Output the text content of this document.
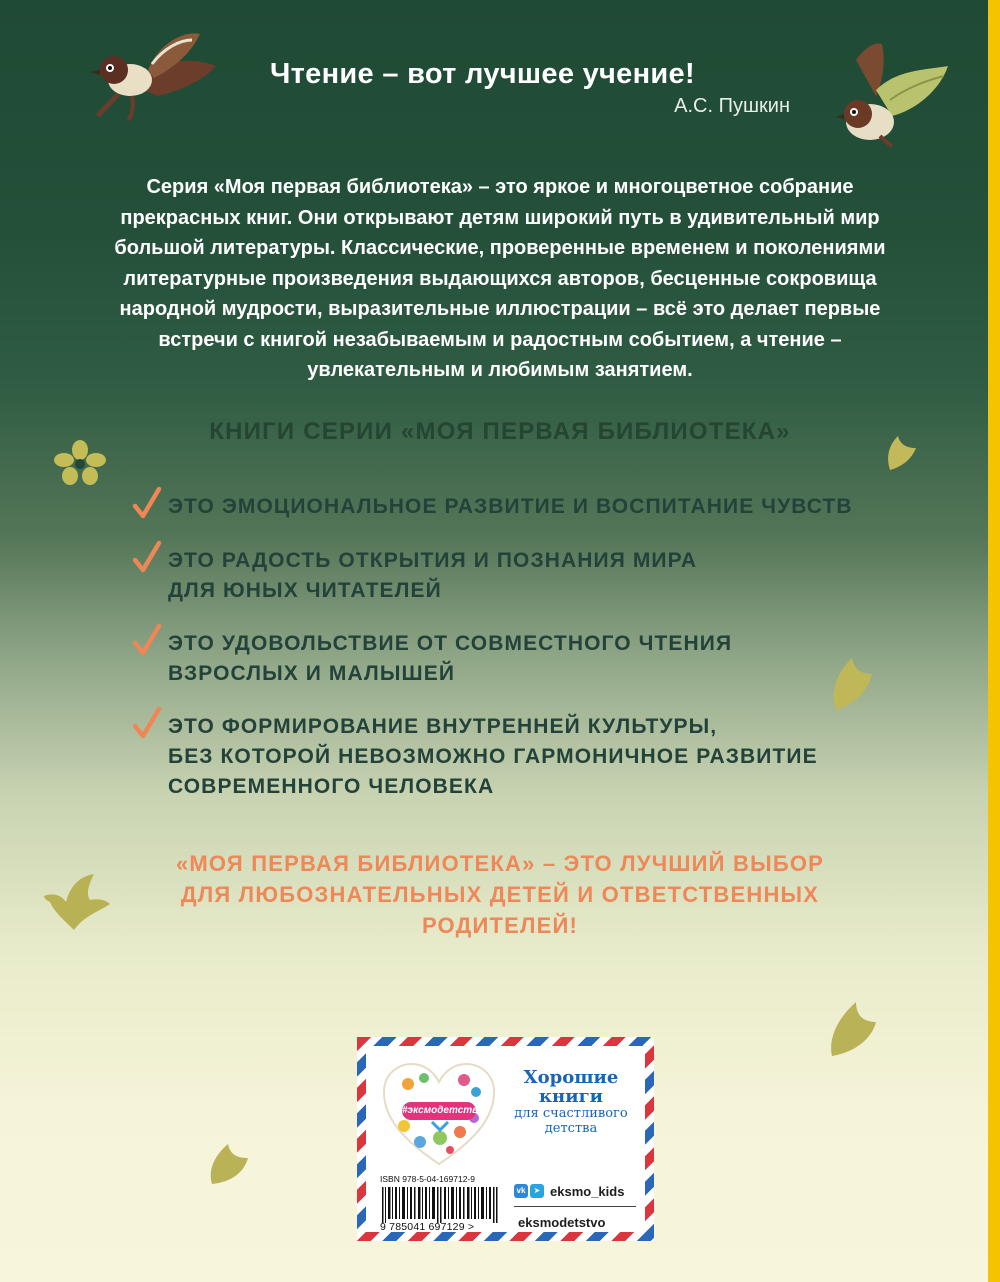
Чтение – вот лучшее учение!
А.С. Пушкин
Серия «Моя первая библиотека» – это яркое и многоцветное собрание прекрасных книг. Они открывают детям широкий путь в удивительный мир большой литературы. Классические, проверенные временем и поколениями литературные произведения выдающихся авторов, бесценные сокровища народной мудрости, выразительные иллюстрации – всё это делает первые встречи с книгой незабываемым и радостным событием, а чтение – увлекательным и любимым занятием.
КНИГИ СЕРИИ «МОЯ ПЕРВАЯ БИБЛИОТЕКА»
ЭТО ЭМОЦИОНАЛЬНОЕ РАЗВИТИЕ И ВОСПИТАНИЕ ЧУВСТВ
ЭТО РАДОСТЬ ОТКРЫТИЯ И ПОЗНАНИЯ МИРА
ДЛЯ ЮНЫХ ЧИТАТЕЛЕЙ
ЭТО УДОВОЛЬСТВИЕ ОТ СОВМЕСТНОГО ЧТЕНИЯ
ВЗРОСЛЫХ И МАЛЫШЕЙ
ЭТО ФОРМИРОВАНИЕ ВНУТРЕННЕЙ КУЛЬТУРЫ,
БЕЗ КОТОРОЙ НЕВОЗМОЖНО ГАРМОНИЧНОЕ РАЗВИТИЕ
СОВРЕМЕННОГО ЧЕЛОВЕКА
«МОЯ ПЕРВАЯ БИБЛИОТЕКА» – ЭТО ЛУЧШИЙ ВЫБОР
ДЛЯ ЛЮБОЗНАТЕЛЬНЫХ ДЕТЕЙ И ОТВЕТСТВЕННЫХ
РОДИТЕЛЕЙ!
#эксмодетство
Хорошие
книги
для счастливого
детства
ISBN 978-5-04-169712-9
9 785041 697129 >
vk	➤ eksmo_kids
eksmodetstvo
